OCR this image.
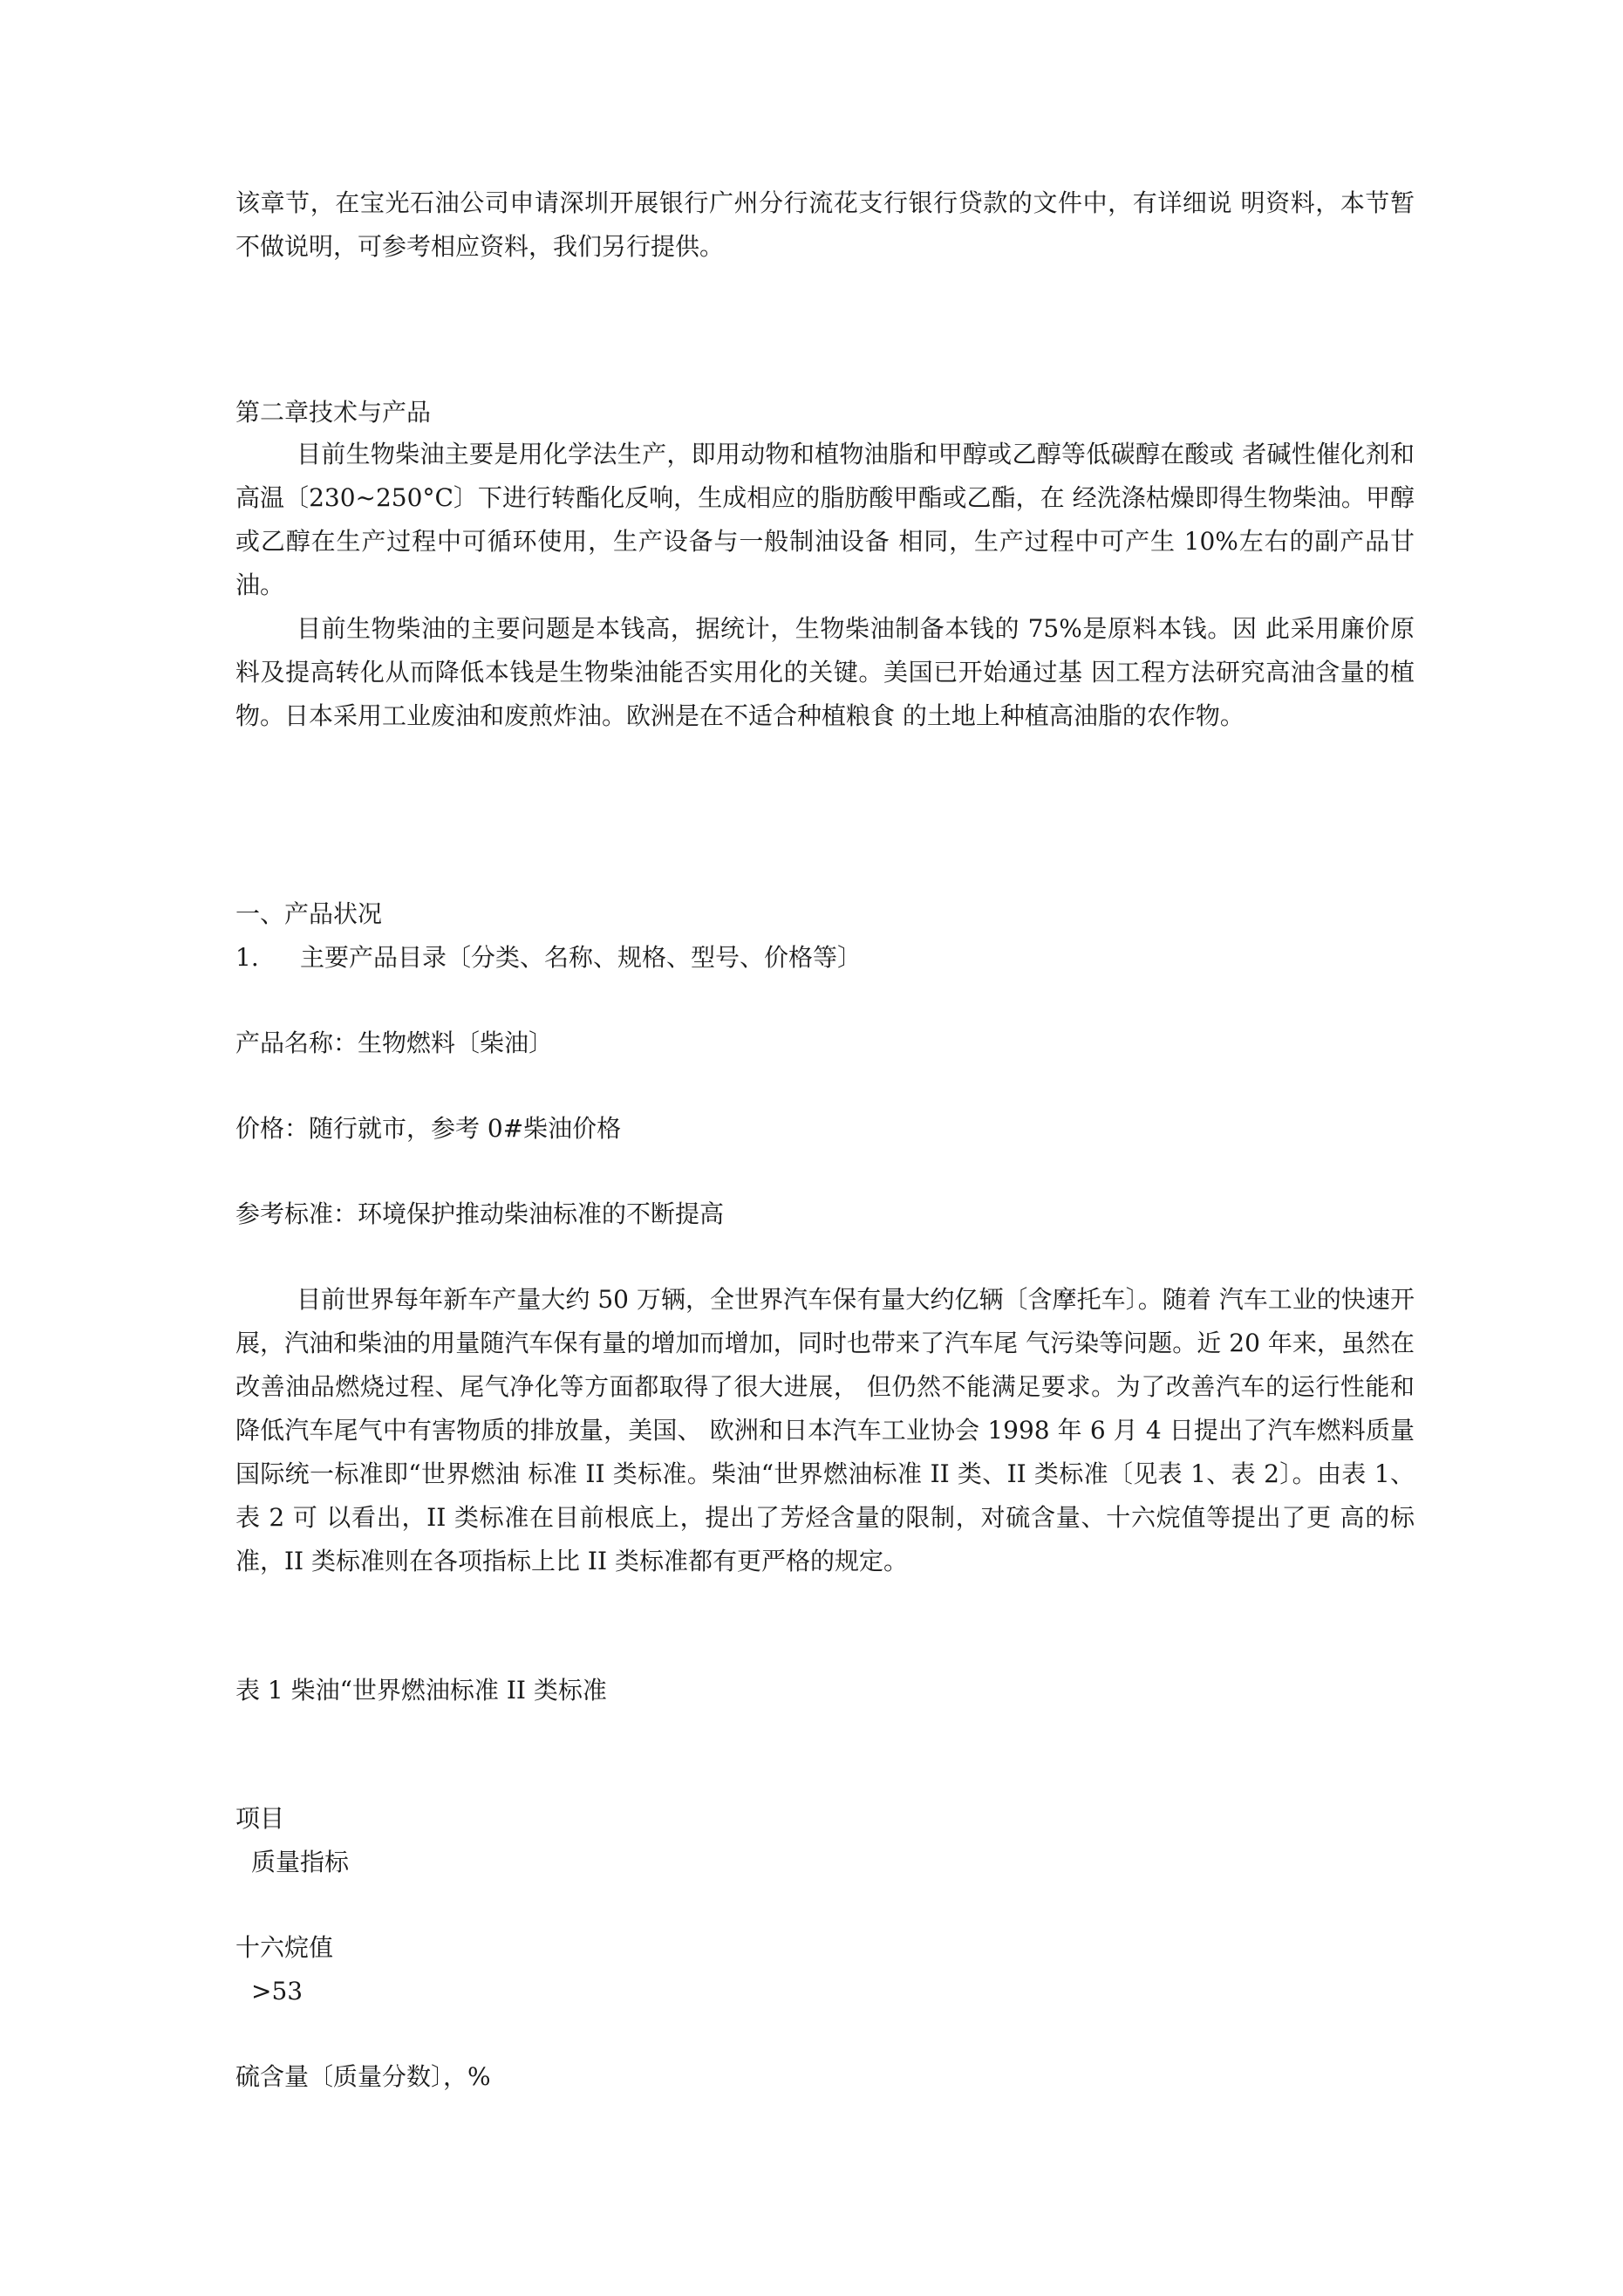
该章节，在宝光石油公司申请深圳开展银行广州分行流花支行银行贷款的文件中，有详细说 明资料，本节暂不做说明，可参考相应资料，我们另行提供。

第二章技术与产品

目前生物柴油主要是用化学法生产，即用动物和植物油脂和甲醇或乙醇等低碳醇在酸或 者碱性催化剂和高温〔230~250°C〕下进行转酯化反响，生成相应的脂肪酸甲酯或乙酯，在 经洗涤枯燥即得生物柴油。甲醇或乙醇在生产过程中可循环使用，生产设备与一般制油设备 相同，生产过程中可产生 10%左右的副产品甘油。

目前生物柴油的主要问题是本钱高，据统计，生物柴油制备本钱的 75%是原料本钱。因 此采用廉价原料及提高转化从而降低本钱是生物柴油能否实用化的关键。美国已开始通过基 因工程方法研究高油含量的植物。日本采用工业废油和废煎炸油。欧洲是在不适合种植粮食 的土地上种植高油脂的农作物。

一、产品状况
1. 主要产品目录〔分类、名称、规格、型号、价格等〕
产品名称：生物燃料〔柴油〕
价格：随行就市，参考 0#柴油价格
参考标准：环境保护推动柴油标准的不断提高

目前世界每年新车产量大约 50 万辆，全世界汽车保有量大约亿辆〔含摩托车〕。随着 汽车工业的快速开展，汽油和柴油的用量随汽车保有量的增加而增加，同时也带来了汽车尾 气污染等问题。近 20 年来，虽然在改善油品燃烧过程、尾气净化等方面都取得了很大进展， 但仍然不能满足要求。为了改善汽车的运行性能和降低汽车尾气中有害物质的排放量，美国、 欧洲和日本汽车工业协会 1998 年 6 月 4 日提出了汽车燃料质量国际统一标准即“世界燃油 标准 II 类标准。柴油“世界燃油标准 II 类、II 类标准〔见表 1、表 2〕。由表 1、表 2 可 以看出，II 类标准在目前根底上，提出了芳烃含量的限制，对硫含量、十六烷值等提出了更 高的标准，II 类标准则在各项指标上比 II 类标准都有更严格的规定。

表 1 柴油“世界燃油标准 II 类标准
项目
质量指标
十六烷值
>53
硫含量〔质量分数〕，%
